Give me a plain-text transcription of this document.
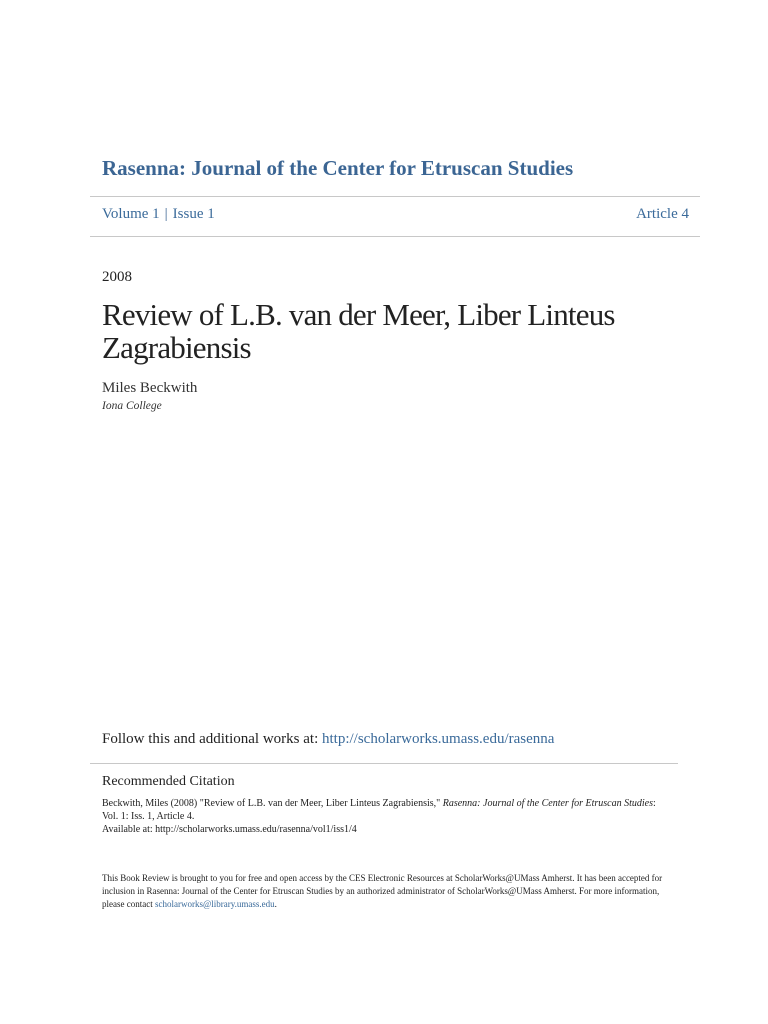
Rasenna: Journal of the Center for Etruscan Studies
Volume 1 | Issue 1	Article 4
2008
Review of L.B. van der Meer, Liber Linteus Zagrabiensis
Miles Beckwith
Iona College
Follow this and additional works at: http://scholarworks.umass.edu/rasenna
Recommended Citation
Beckwith, Miles (2008) "Review of L.B. van der Meer, Liber Linteus Zagrabiensis," Rasenna: Journal of the Center for Etruscan Studies: Vol. 1: Iss. 1, Article 4.
Available at: http://scholarworks.umass.edu/rasenna/vol1/iss1/4
This Book Review is brought to you for free and open access by the CES Electronic Resources at ScholarWorks@UMass Amherst. It has been accepted for inclusion in Rasenna: Journal of the Center for Etruscan Studies by an authorized administrator of ScholarWorks@UMass Amherst. For more information, please contact scholarworks@library.umass.edu.
